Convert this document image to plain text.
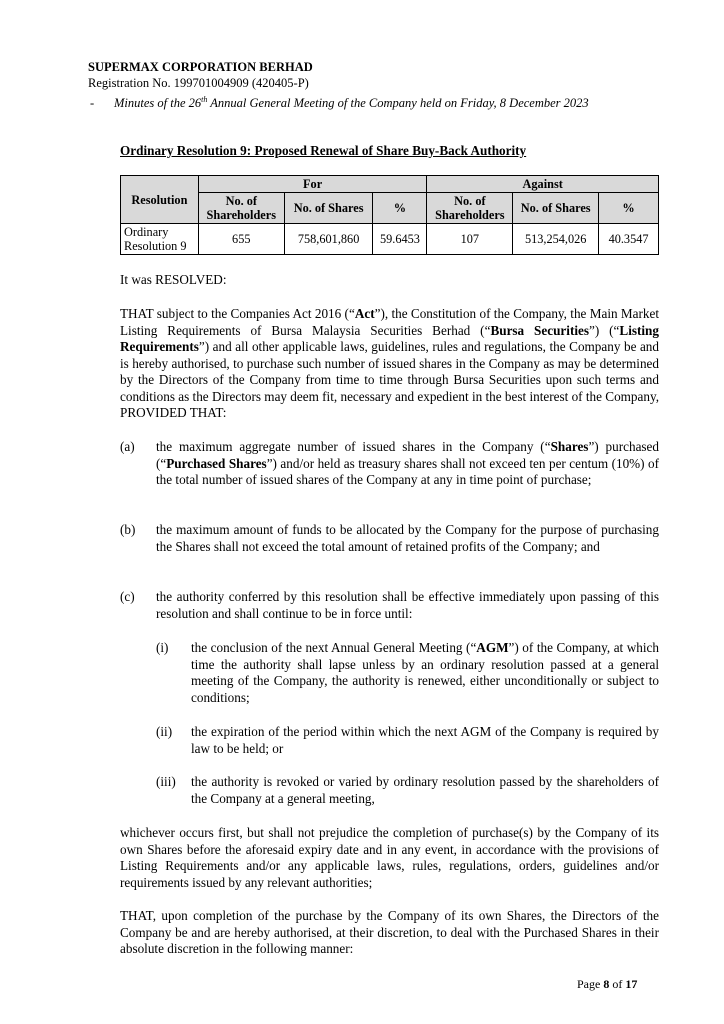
SUPERMAX CORPORATION BERHAD
Registration No. 199701004909 (420405-P)
- Minutes of the 26th Annual General Meeting of the Company held on Friday, 8 December 2023
Ordinary Resolution 9: Proposed Renewal of Share Buy-Back Authority
Resolution	For			Against		
	No. of Shareholders	No. of Shares	%	No. of Shareholders	No. of Shares	%
Ordinary Resolution 9	655	758,601,860	59.6453	107	513,254,026	40.3547
It was RESOLVED:
THAT subject to the Companies Act 2016 (“Act”), the Constitution of the Company, the Main Market Listing Requirements of Bursa Malaysia Securities Berhad (“Bursa Securities”) (“Listing Requirements”) and all other applicable laws, guidelines, rules and regulations, the Company be and is hereby authorised, to purchase such number of issued shares in the Company as may be determined by the Directors of the Company from time to time through Bursa Securities upon such terms and conditions as the Directors may deem fit, necessary and expedient in the best interest of the Company, PROVIDED THAT:
(a) the maximum aggregate number of issued shares in the Company (“Shares”) purchased (“Purchased Shares”) and/or held as treasury shares shall not exceed ten per centum (10%) of the total number of issued shares of the Company at any in time point of purchase;
(b) the maximum amount of funds to be allocated by the Company for the purpose of purchasing the Shares shall not exceed the total amount of retained profits of the Company; and
(c) the authority conferred by this resolution shall be effective immediately upon passing of this resolution and shall continue to be in force until:
(i) the conclusion of the next Annual General Meeting (“AGM”) of the Company, at which time the authority shall lapse unless by an ordinary resolution passed at a general meeting of the Company, the authority is renewed, either unconditionally or subject to conditions;
(ii) the expiration of the period within which the next AGM of the Company is required by law to be held; or
(iii) the authority is revoked or varied by ordinary resolution passed by the shareholders of the Company at a general meeting,
whichever occurs first, but shall not prejudice the completion of purchase(s) by the Company of its own Shares before the aforesaid expiry date and in any event, in accordance with the provisions of Listing Requirements and/or any applicable laws, rules, regulations, orders, guidelines and/or requirements issued by any relevant authorities;
THAT, upon completion of the purchase by the Company of its own Shares, the Directors of the Company be and are hereby authorised, at their discretion, to deal with the Purchased Shares in their absolute discretion in the following manner:
Page 8 of 17
